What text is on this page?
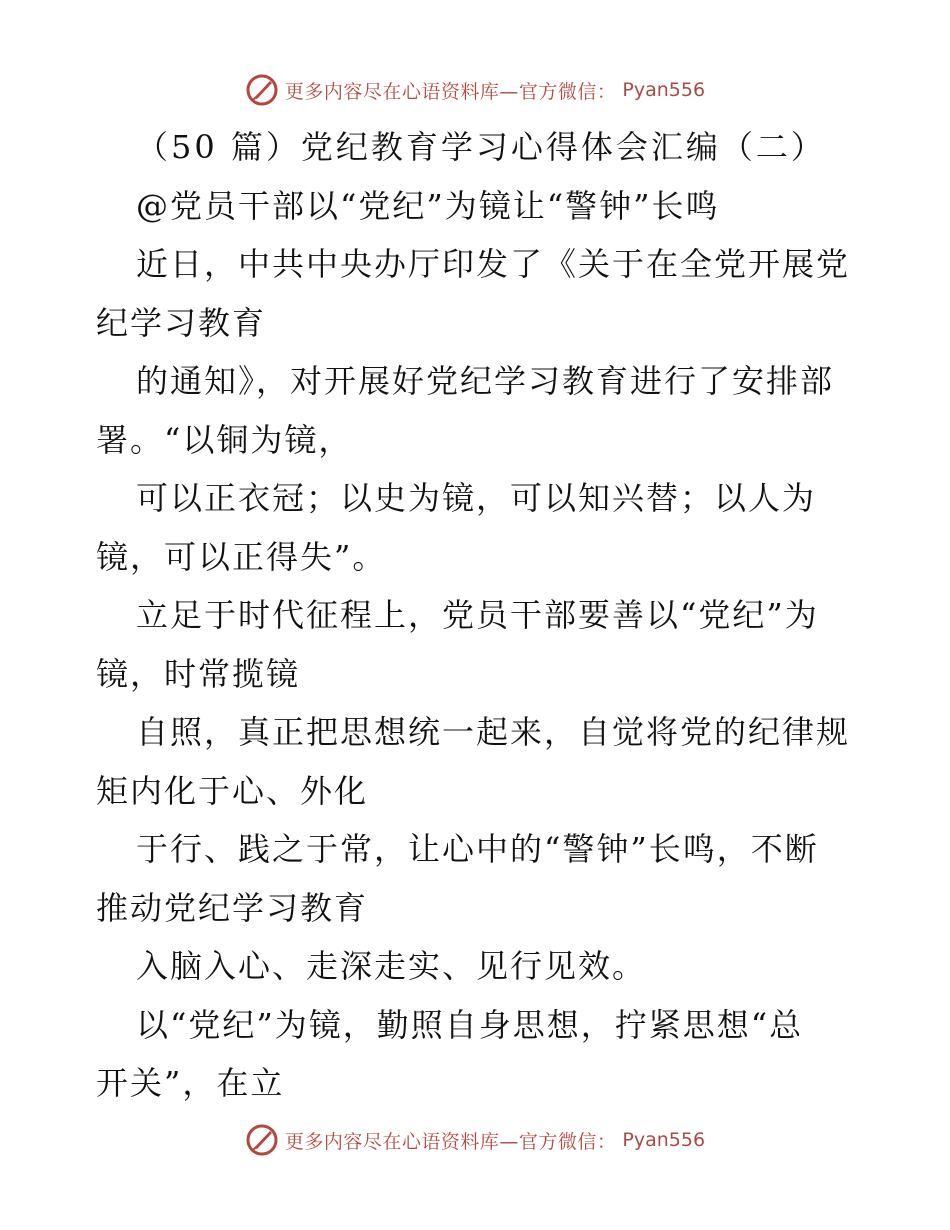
更多内容尽在心语资料库—官方微信： Pyan556
（50 篇）党纪教育学习心得体会汇编（二）
@党员干部以“党纪”为镜让“警钟”长鸣
近日，中共中央办厅印发了《关于在全党开展党
纪学习教育
的通知》，对开展好党纪学习教育进行了安排部
署。“以铜为镜，
可以正衣冠；以史为镜，可以知兴替；以人为
镜，可以正得失”。
立足于时代征程上，党员干部要善以“党纪”为
镜，时常揽镜
自照，真正把思想统一起来，自觉将党的纪律规
矩内化于心、外化
于行、践之于常，让心中的“警钟”长鸣，不断
推动党纪学习教育
入脑入心、走深走实、见行见效。
以“党纪”为镜，勤照自身思想，拧紧思想“总
开关”，在立
更多内容尽在心语资料库—官方微信： Pyan556
